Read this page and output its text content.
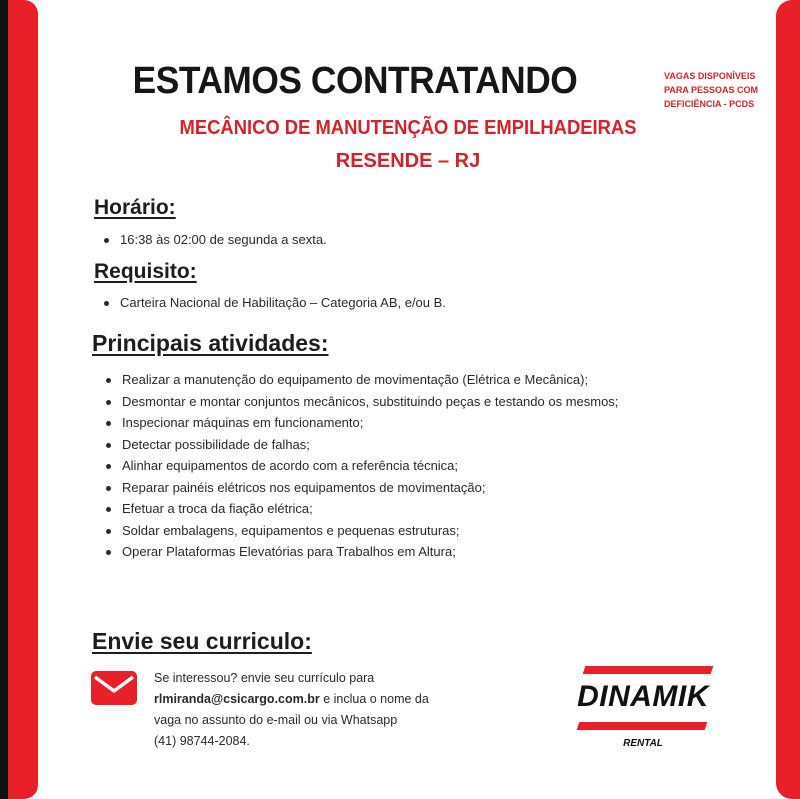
ESTAMOS CONTRATANDO
MECÂNICO DE MANUTENÇÃO DE EMPILHADEIRAS
RESENDE – RJ
VAGAS DISPONÍVEIS
PARA PESSOAS COM
DEFICIÊNCIA - PCDS
Horário:
16:38 às 02:00 de segunda a sexta.
Requisito:
Carteira Nacional de Habilitação – Categoria AB, e/ou B.
Principais atividades:
Realizar a manutenção do equipamento de movimentação (Elétrica e Mecânica);
Desmontar e montar conjuntos mecânicos, substituindo peças e testando os mesmos;
Inspecionar máquinas em funcionamento;
Detectar possibilidade de falhas;
Alinhar equipamentos de acordo com a referência técnica;
Reparar painéis elétricos nos equipamentos de movimentação;
Efetuar a troca da fiação elétrica;
Soldar embalagens, equipamentos e pequenas estruturas;
Operar Plataformas Elevatórias para Trabalhos em Altura;
Envie seu curriculo:
Se interessou? envie seu currículo para
rlmiranda@csicargo.com.br e inclua o nome da
vaga no assunto do e-mail ou via Whatsapp
(41) 98744-2084.
DINAMIK
RENTAL
